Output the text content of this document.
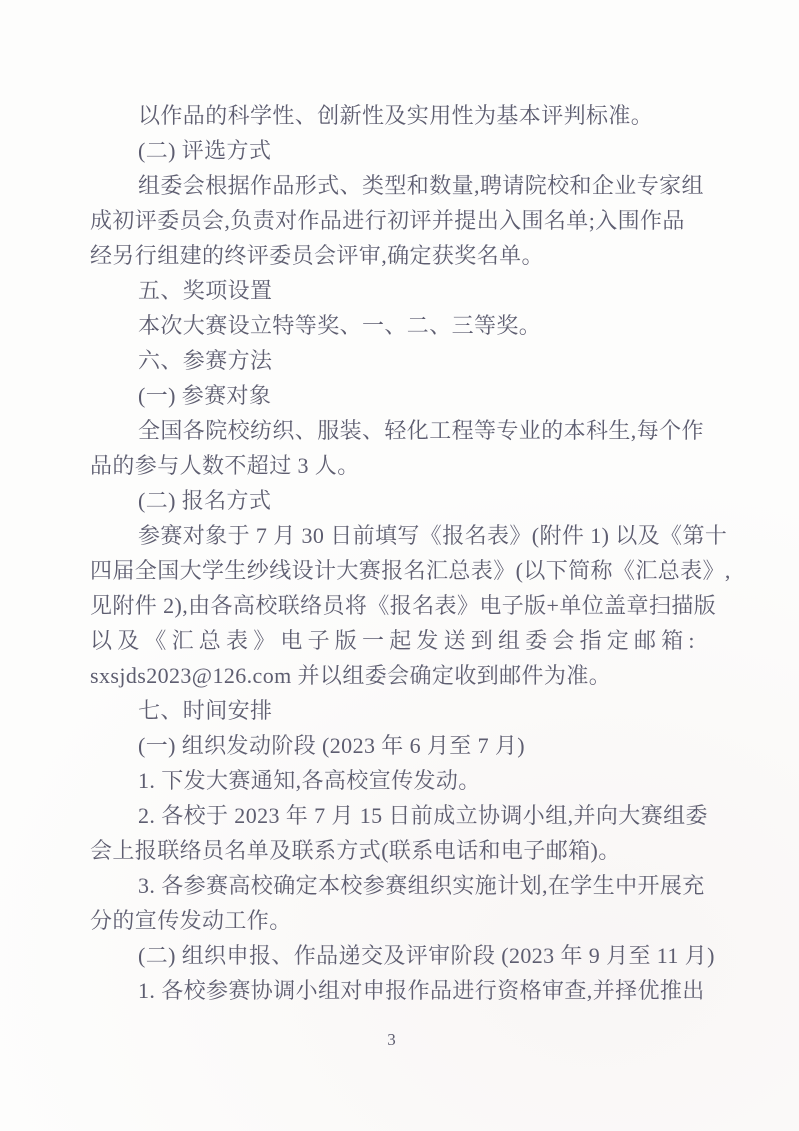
以作品的科学性、创新性及实用性为基本评判标准。
(二) 评选方式
组委会根据作品形式、类型和数量,聘请院校和企业专家组
成初评委员会,负责对作品进行初评并提出入围名单;入围作品
经另行组建的终评委员会评审,确定获奖名单。
五、奖项设置
本次大赛设立特等奖、一、二、三等奖。
六、参赛方法
(一) 参赛对象
全国各院校纺织、服装、轻化工程等专业的本科生,每个作
品的参与人数不超过 3 人。
(二) 报名方式
参赛对象于 7 月 30 日前填写《报名表》(附件 1) 以及《第十
四届全国大学生纱线设计大赛报名汇总表》(以下简称《汇总表》,
见附件 2),由各高校联络员将《报名表》电子版+单位盖章扫描版
以及《汇总表》电子版一起发送到组委会指定邮箱:
sxsjds2023@126.com 并以组委会确定收到邮件为准。
七、时间安排
(一) 组织发动阶段 (2023 年 6 月至 7 月)
1. 下发大赛通知,各高校宣传发动。
2. 各校于 2023 年 7 月 15 日前成立协调小组,并向大赛组委
会上报联络员名单及联系方式(联系电话和电子邮箱)。
3. 各参赛高校确定本校参赛组织实施计划,在学生中开展充
分的宣传发动工作。
(二) 组织申报、作品递交及评审阶段 (2023 年 9 月至 11 月)
1. 各校参赛协调小组对申报作品进行资格审查,并择优推出
3
